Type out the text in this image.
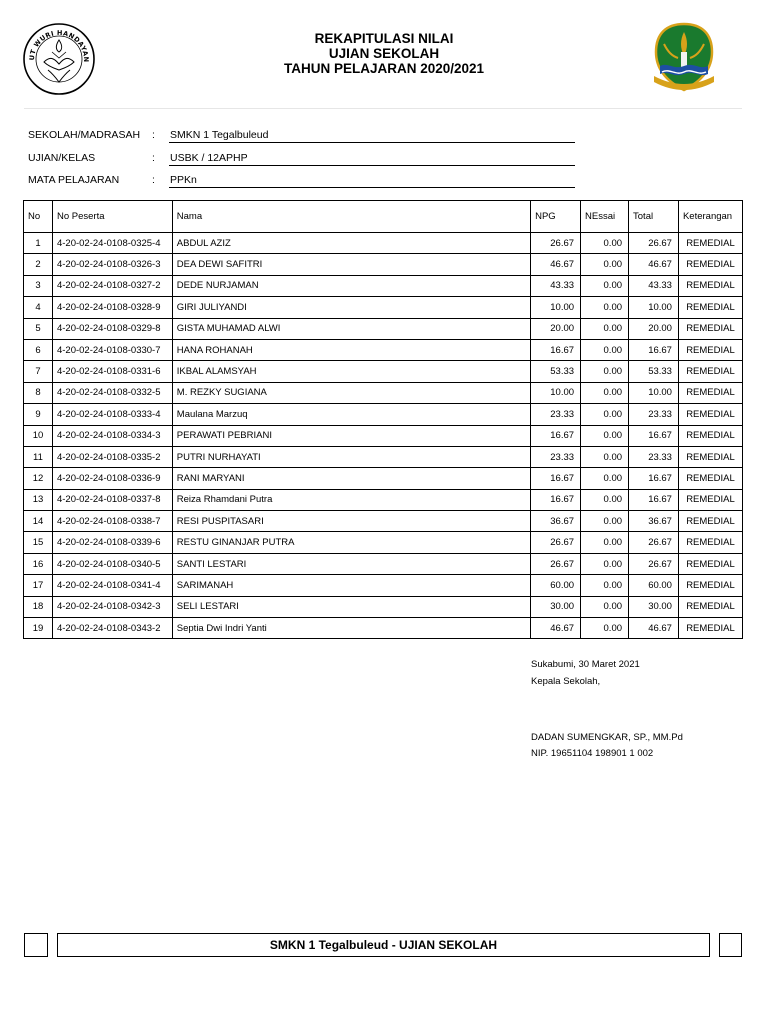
UT WURI HANDAYAN
REKAPITULASI NILAI
UJIAN SEKOLAH
TAHUN PELAJARAN 2020/2021
SEKOLAH/MADRASAH : SMKN 1 Tegalbuleud
UJIAN/KELAS	: USBK / 12APHP
MATA PELAJARAN	: PPKn
No	No Peserta	Nama	NPG	NEssai	Total	Keterangan
1	4-20-02-24-0108-0325-4	ABDUL AZIZ	26.67	0.00	26.67	REMEDIAL
2	4-20-02-24-0108-0326-3	DEA DEWI SAFITRI	46.67	0.00	46.67	REMEDIAL
3	4-20-02-24-0108-0327-2	DEDE NURJAMAN	43.33	0.00	43.33	REMEDIAL
4	4-20-02-24-0108-0328-9	GIRI JULIYANDI	10.00	0.00	10.00	REMEDIAL
5	4-20-02-24-0108-0329-8	GISTA MUHAMAD ALWI	20.00	0.00	20.00	REMEDIAL
6	4-20-02-24-0108-0330-7	HANA ROHANAH	16.67	0.00	16.67	REMEDIAL
7	4-20-02-24-0108-0331-6	IKBAL ALAMSYAH	53.33	0.00	53.33	REMEDIAL
8	4-20-02-24-0108-0332-5	M. REZKY SUGIANA	10.00	0.00	10.00	REMEDIAL
9	4-20-02-24-0108-0333-4	Maulana Marzuq	23.33	0.00	23.33	REMEDIAL
10	4-20-02-24-0108-0334-3	PERAWATI PEBRIANI	16.67	0.00	16.67	REMEDIAL
11	4-20-02-24-0108-0335-2	PUTRI NURHAYATI	23.33	0.00	23.33	REMEDIAL
12	4-20-02-24-0108-0336-9	RANI MARYANI	16.67	0.00	16.67	REMEDIAL
13	4-20-02-24-0108-0337-8	Reiza Rhamdani Putra	16.67	0.00	16.67	REMEDIAL
14	4-20-02-24-0108-0338-7	RESI PUSPITASARI	36.67	0.00	36.67	REMEDIAL
15	4-20-02-24-0108-0339-6	RESTU GINANJAR PUTRA	26.67	0.00	26.67	REMEDIAL
16	4-20-02-24-0108-0340-5	SANTI LESTARI	26.67	0.00	26.67	REMEDIAL
17	4-20-02-24-0108-0341-4	SARIMANAH	60.00	0.00	60.00	REMEDIAL
18	4-20-02-24-0108-0342-3	SELI LESTARI	30.00	0.00	30.00	REMEDIAL
19	4-20-02-24-0108-0343-2	Septia Dwi Indri Yanti	46.67	0.00	46.67	REMEDIAL
Sukabumi, 30 Maret 2021
Kepala Sekolah,
DADAN SUMENGKAR, SP., MM.Pd
NIP. 19651104 198901 1 002
SMKN 1 Tegalbuleud - UJIAN SEKOLAH
